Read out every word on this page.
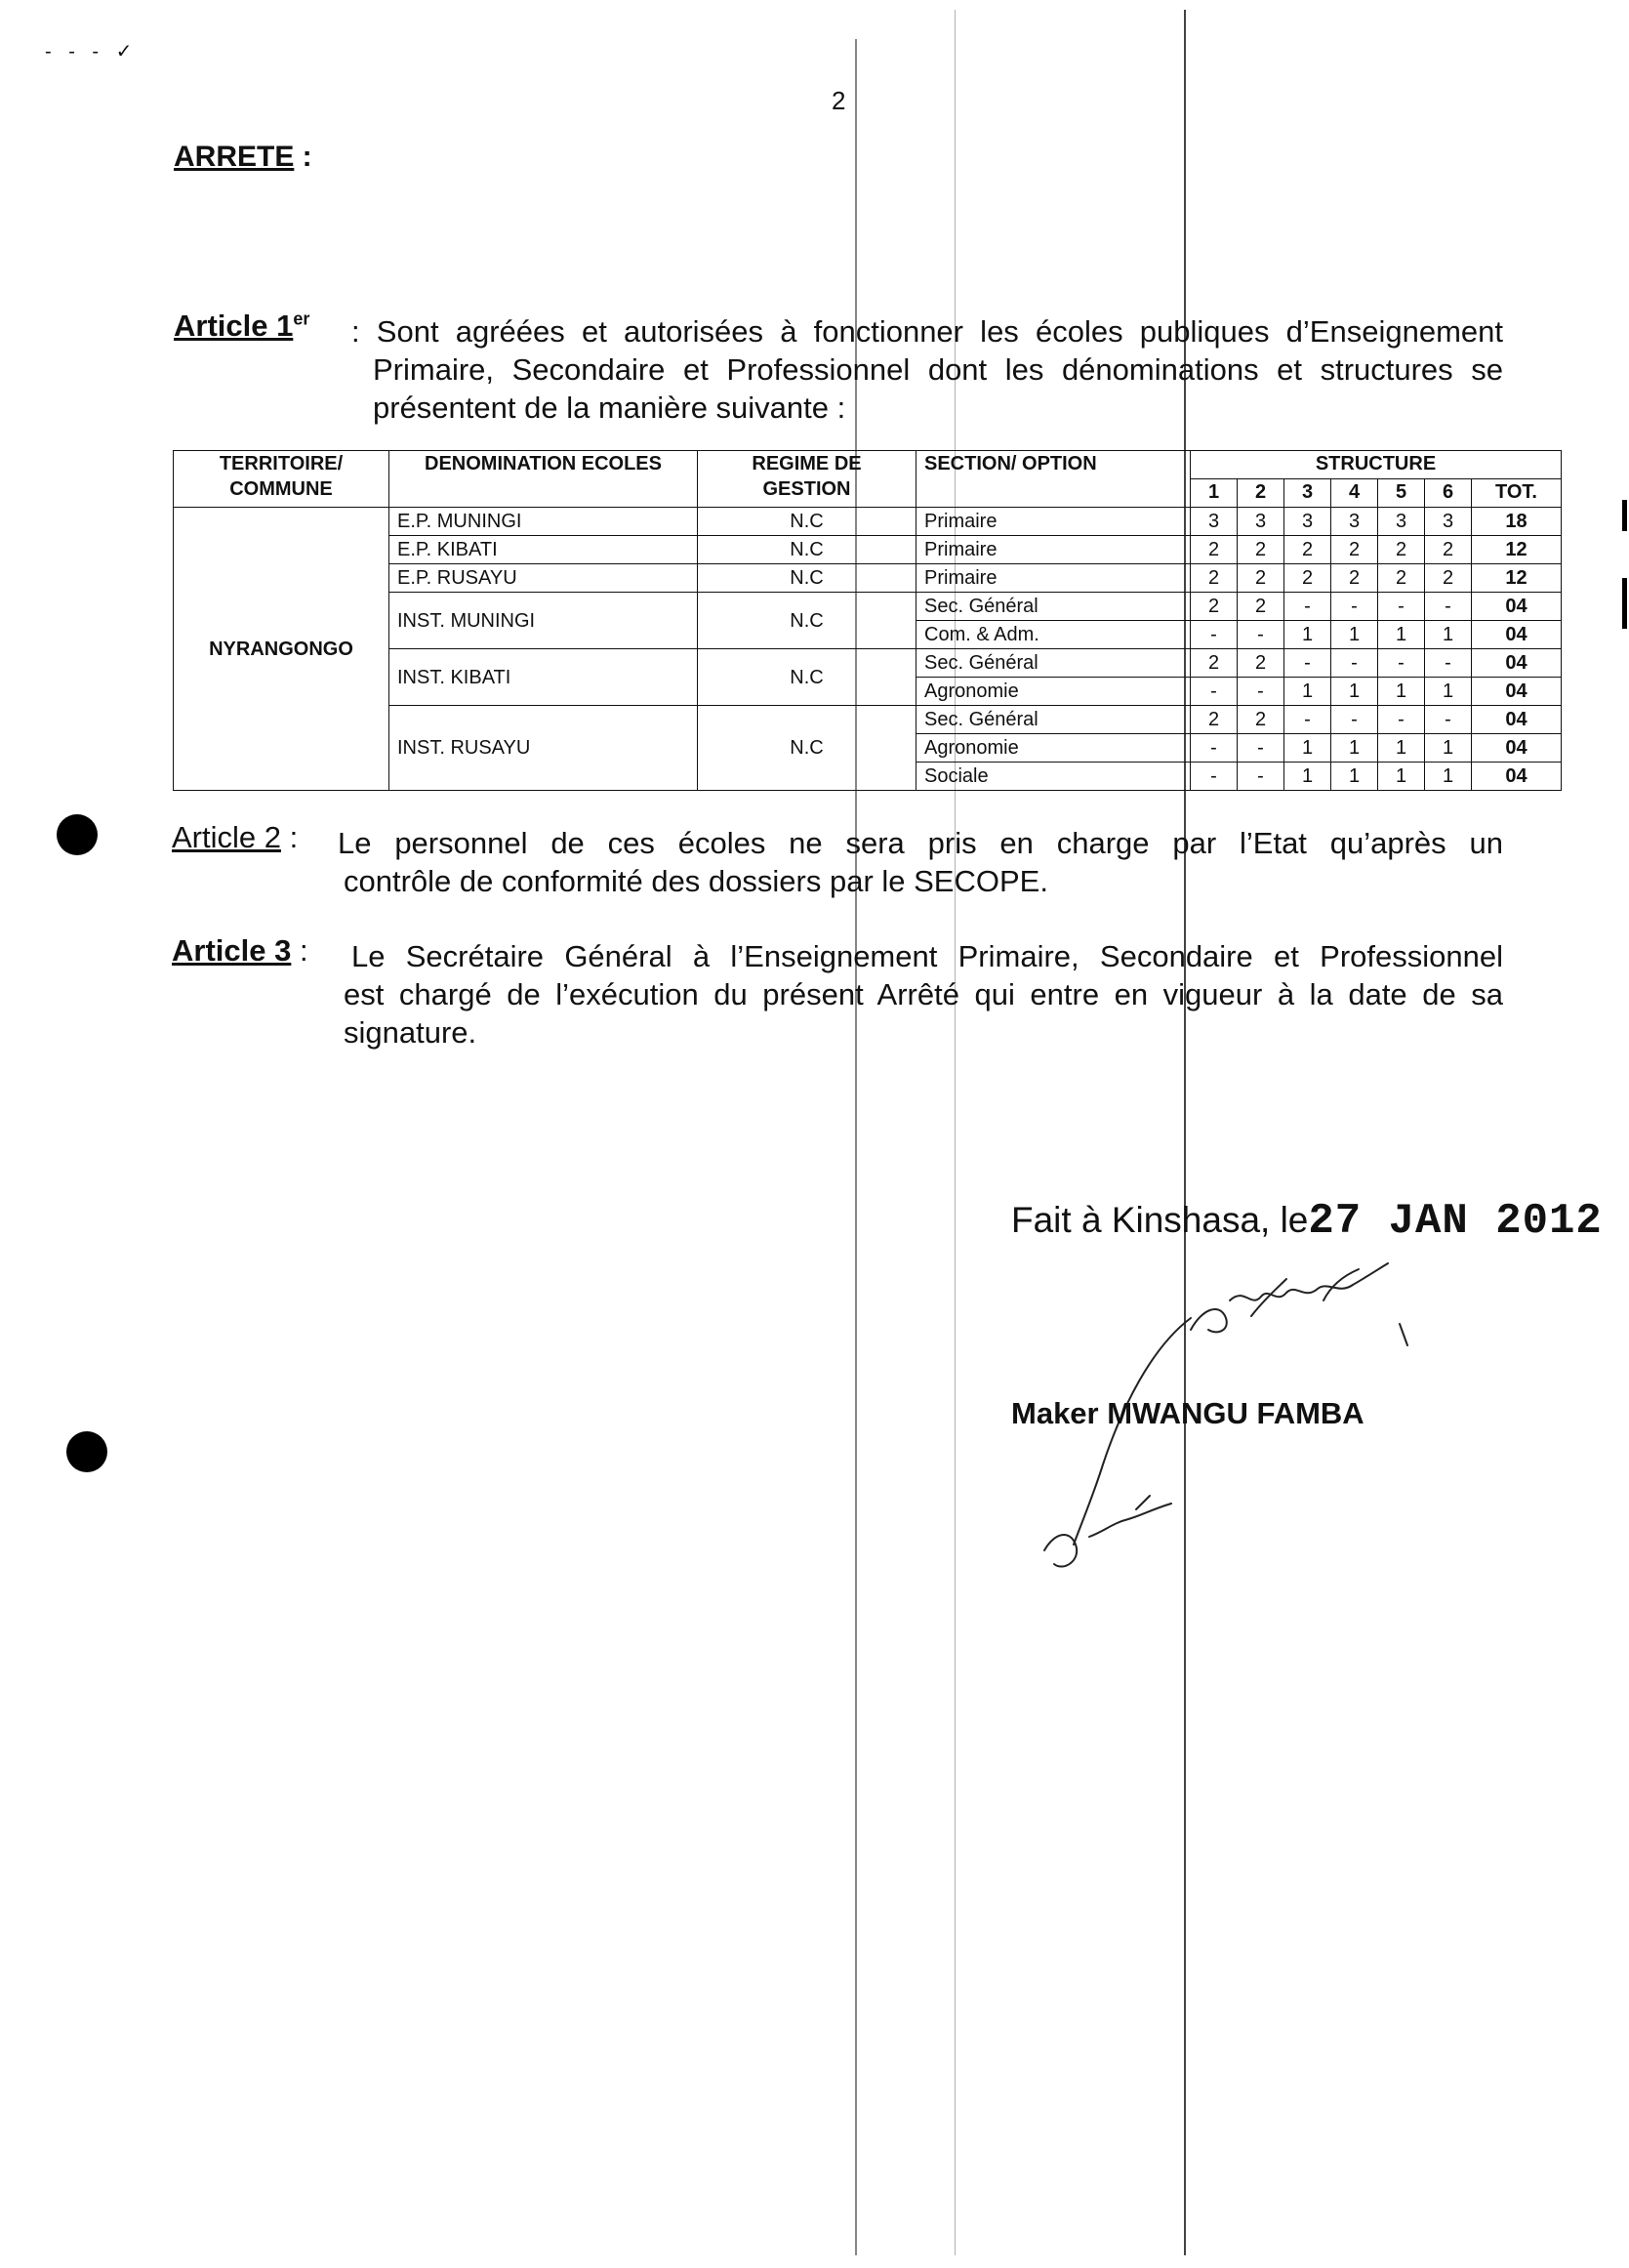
- - - ✓
2
ARRETE :
Article 1er : Sont agréées et autorisées à fonctionner les écoles publiques d’Enseignement
Primaire, Secondaire et Professionnel dont les dénominations et structures se
présentent de la manière suivante :
TERRITOIRE/ COMMUNE	DENOMINATION ECOLES	REGIME DE GESTION	SECTION/ OPTION	STRUCTURE						
				1	2	3	4	5	6	TOT.
NYRANGONGO	E.P. MUNINGI	N.C	Primaire	3	3	3	3	3	3	18
	E.P. KIBATI	N.C	Primaire	2	2	2	2	2	2	12
	E.P. RUSAYU	N.C	Primaire	2	2	2	2	2	2	12
	INST. MUNINGI	N.C	Sec. Général	2	2	-	-	-	-	04
			Com. & Adm.	-	-	1	1	1	1	04
	INST. KIBATI	N.C	Sec. Général	2	2	-	-	-	-	04
			Agronomie	-	-	1	1	1	1	04
	INST. RUSAYU	N.C	Sec. Général	2	2	-	-	-	-	04
			Agronomie	-	-	1	1	1	1	04
			Sociale	-	-	1	1	1	1	04
Article 2 : Le personnel de ces écoles ne sera pris en charge par l’Etat qu’après un
contrôle de conformité des dossiers par le SECOPE.
Article 3 : Le Secrétaire Général à l’Enseignement Primaire, Secondaire et Professionnel
est chargé de l’exécution du présent Arrêté qui entre en vigueur à la date de sa
signature.
Fait à Kinshasa, le27 JAN 2012
Maker MWANGU FAMBA
